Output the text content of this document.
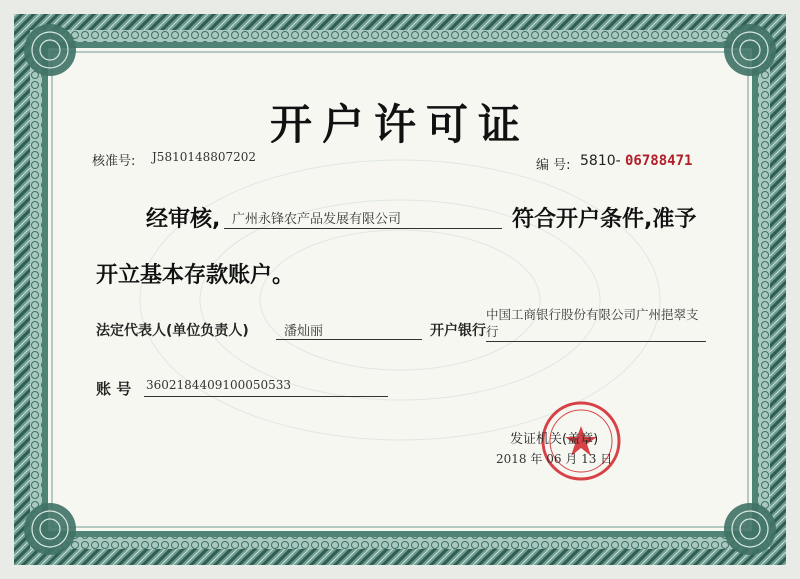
开户许可证
核准号: J5810148807202
编 号: 5810- 06788471
经审核, 广州永锋农产品发展有限公司	符合开户条件,准予
开立基本存款账户。
法定代表人(单位负责人)	潘灿丽	开户银行
中国工商银行股份有限公司广州挹翠支行
账 号 3602184409100050533
发证机关(盖章)
2018 年 06 月 13 日
